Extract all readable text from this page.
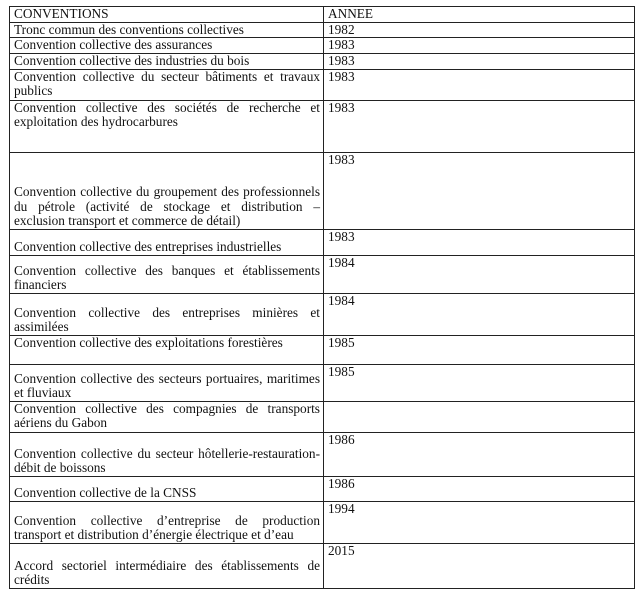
CONVENTIONS	ANNEE
Tronc commun des conventions collectives	1982
Convention collective des assurances	1983
Convention collective des industries du bois	1983
Convention collective du secteur bâtiments et travaux publics	1983
Convention collective des sociétés de recherche et exploitation des hydrocarbures	1983
Convention collective du groupement des professionnels du pétrole (activité de stockage et distribution – exclusion transport et commerce de détail)	1983
Convention collective des entreprises industrielles	1983
Convention collective des banques et établissements financiers	1984
Convention collective des entreprises minières et assimilées	1984
Convention collective des exploitations forestières	1985
Convention collective des secteurs portuaires, maritimes et fluviaux	1985
Convention collective des compagnies de transports aériens du Gabon	
Convention collective du secteur hôtellerie-restauration-débit de boissons	1986
Convention collective de la CNSS	1986
Convention collective d’entreprise de production transport et distribution d’énergie électrique et d’eau	1994
Accord sectoriel intermédiaire des établissements de crédits	2015
